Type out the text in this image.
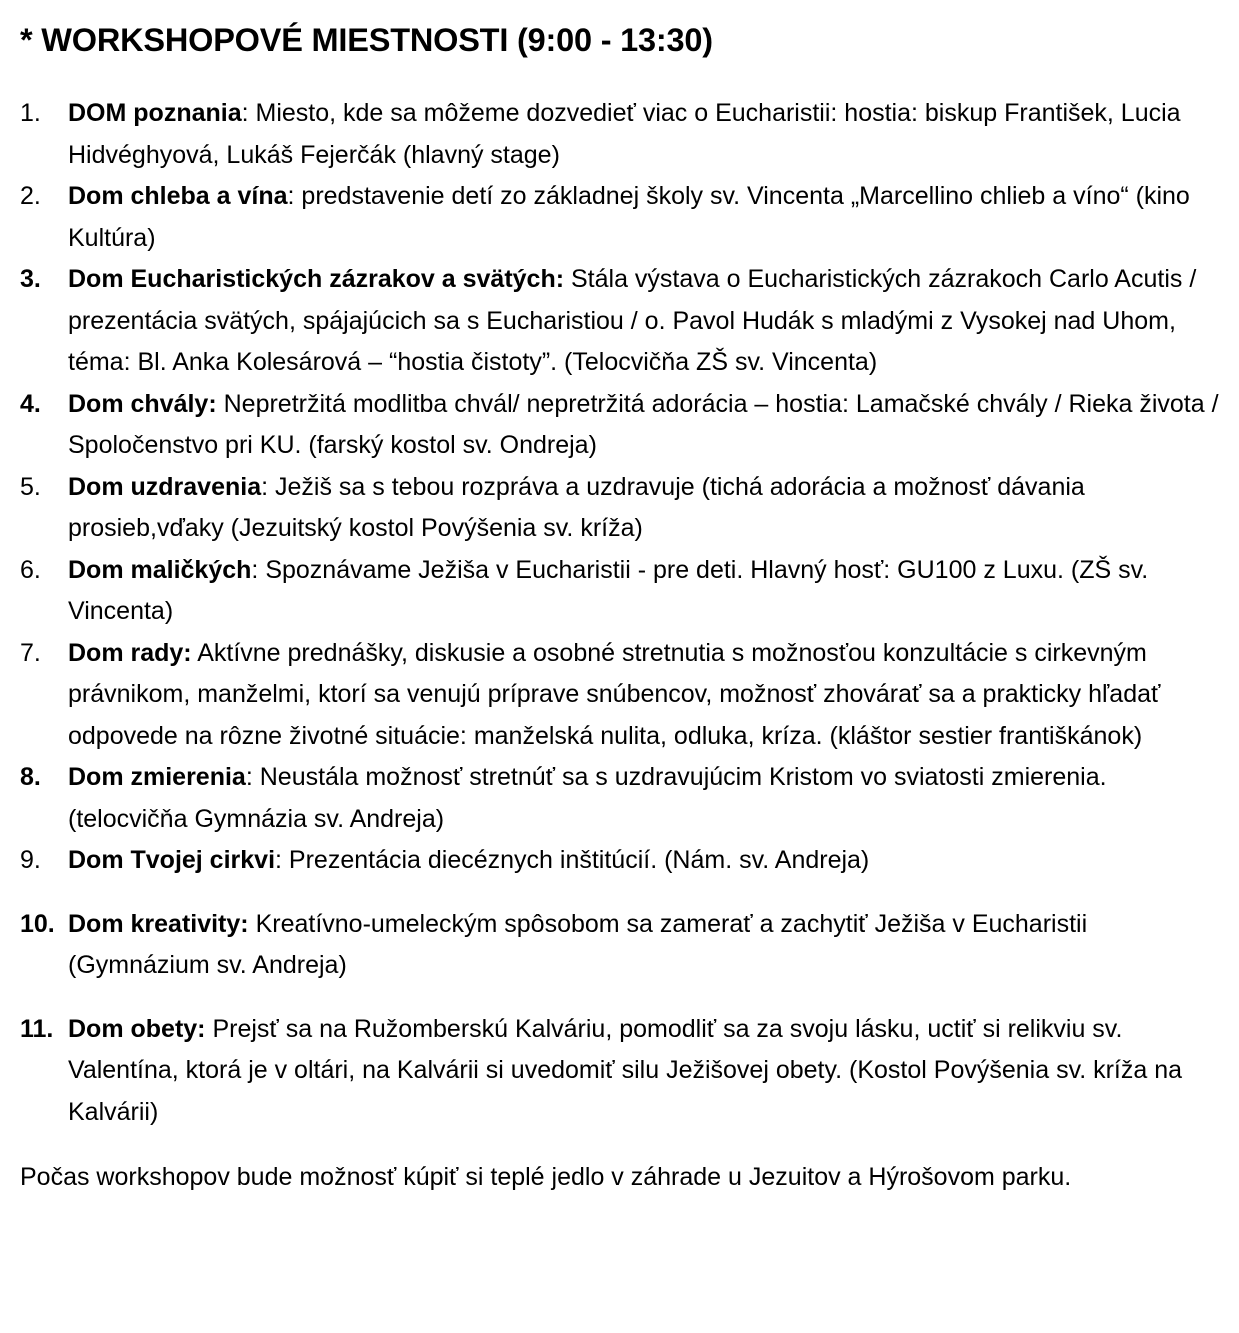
* WORKSHOPOVÉ MIESTNOSTI (9:00 - 13:30)
1. DOM poznania: Miesto, kde sa môžeme dozvedieť viac o Eucharistii: hostia: biskup František, Lucia Hidvéghyová, Lukáš Fejerčák (hlavný stage)
2. Dom chleba a vína: predstavenie detí zo základnej školy sv. Vincenta „Marcellino chlieb a víno“ (kino Kultúra)
3. Dom Eucharistických zázrakov a svätých: Stála výstava o Eucharistických zázrakoch Carlo Acutis / prezentácia svätých, spájajúcich sa s Eucharistiou / o. Pavol Hudák s mladými z Vysokej nad Uhom, téma: Bl. Anka Kolesárová – “hostia čistoty”. (Telocvičňa ZŠ sv. Vincenta)
4. Dom chvály: Nepretržitá modlitba chvál/ nepretržitá adorácia – hostia: Lamačské chvály / Rieka života / Spoločenstvo pri KU. (farský kostol sv. Ondreja)
5. Dom uzdravenia: Ježiš sa s tebou rozpráva a uzdravuje (tichá adorácia a možnosť dávania prosieb,vďaky (Jezuitský kostol Povýšenia sv. kríža)
6. Dom maličkých: Spoznávame Ježiša v Eucharistii - pre deti. Hlavný hosť: GU100 z Luxu. (ZŠ sv. Vincenta)
7. Dom rady: Aktívne prednášky, diskusie a osobné stretnutia s možnosťou konzultácie s cirkevným právnikom, manželmi, ktorí sa venujú príprave snúbencov, možnosť zhovárať sa a prakticky hľadať odpovede na rôzne životné situácie: manželská nulita, odluka, kríza. (kláštor sestier františkánok)
8. Dom zmierenia: Neustála možnosť stretnúť sa s uzdravujúcim Kristom vo sviatosti zmierenia. (telocvičňa Gymnázia sv. Andreja)
9. Dom Tvojej cirkvi: Prezentácia diecéznych inštitúcií. (Nám. sv. Andreja)
10. Dom kreativity: Kreatívno-umeleckým spôsobom sa zamerať a zachytiť Ježiša v Eucharistii (Gymnázium sv. Andreja)
11. Dom obety: Prejsť sa na Ružomberskú Kalváriu, pomodliť sa za svoju lásku, uctiť si relikviu sv. Valentína, ktorá je v oltári, na Kalvárii si uvedomiť silu Ježišovej obety. (Kostol Povýšenia sv. kríža na Kalvárii)

Počas workshopov bude možnosť kúpiť si teplé jedlo v záhrade u Jezuitov a Hýrošovom parku.
